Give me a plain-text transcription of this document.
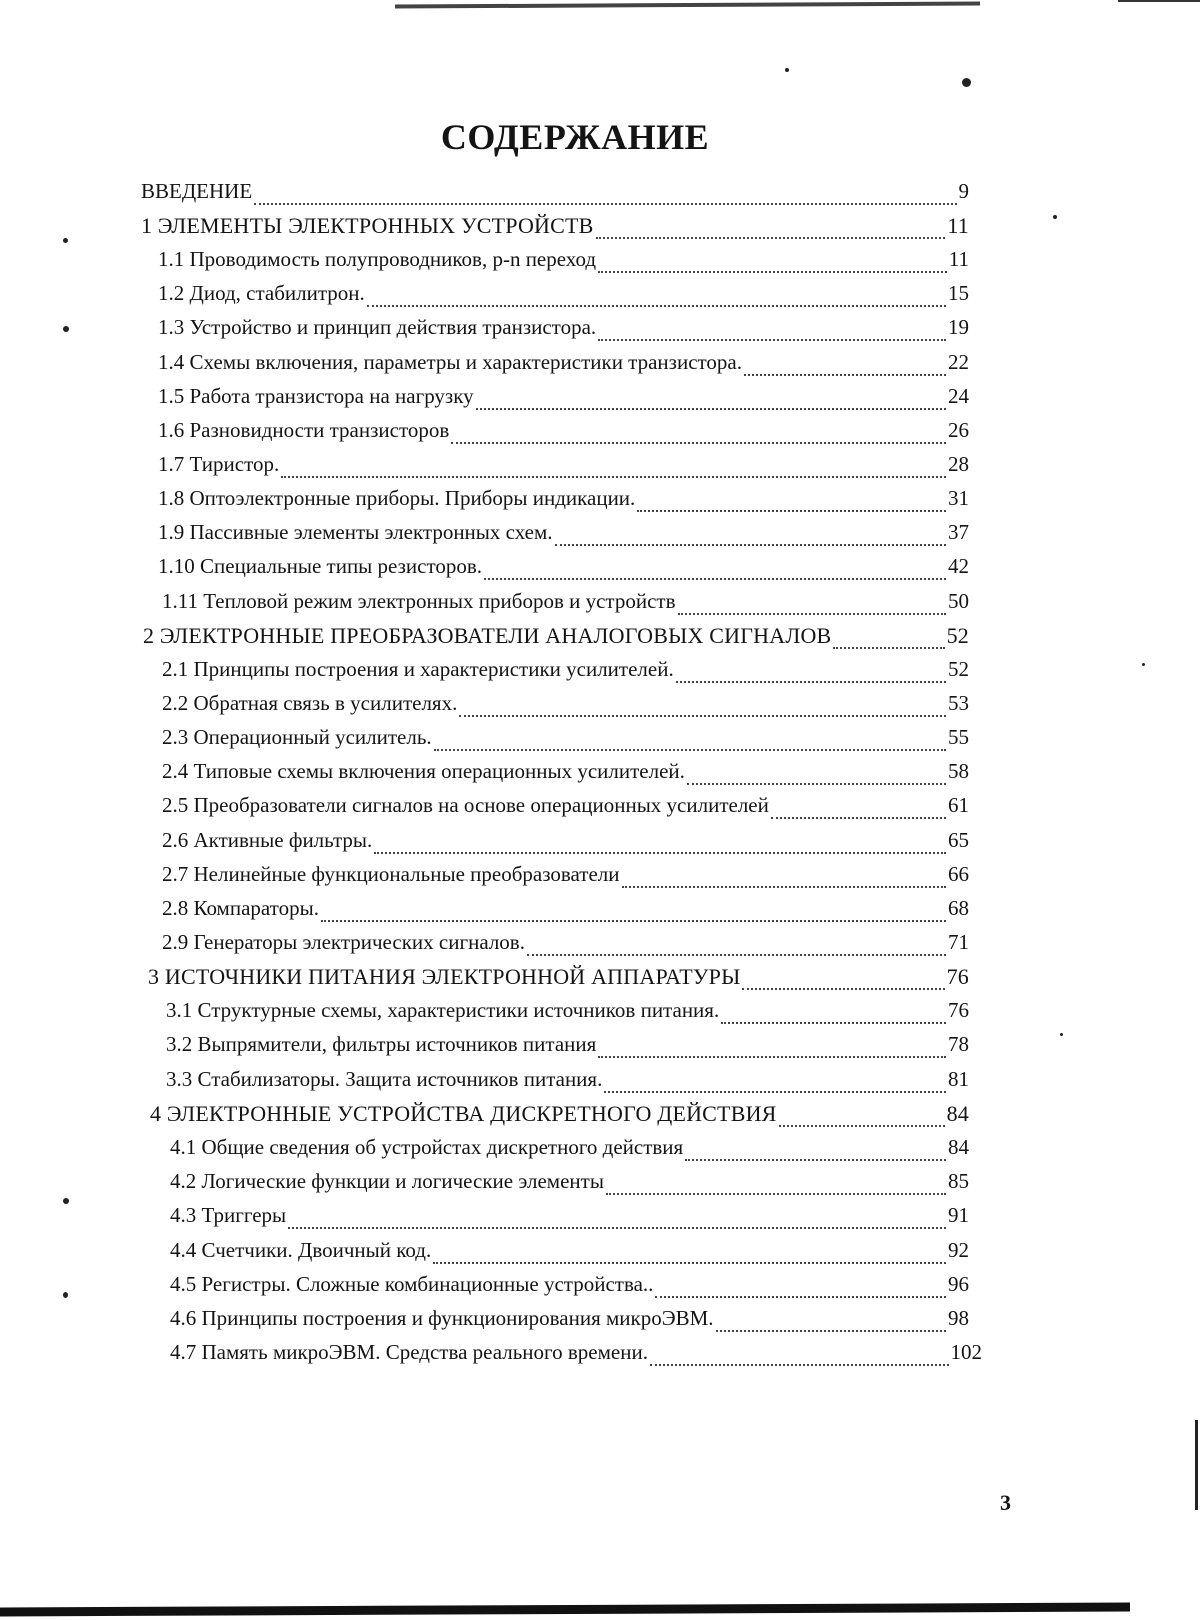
СОДЕРЖАНИЕ
ВВЕДЕНИЕ	9
1 ЭЛЕМЕНТЫ ЭЛЕКТРОННЫХ УСТРОЙСТВ	11
1.1 Проводимость полупроводников, р-n переход	11
1.2 Диод, стабилитрон.	15
1.3 Устройство и принцип действия транзистора.	19
1.4 Схемы включения, параметры и характеристики транзистора.	22
1.5 Работа транзистора на нагрузку	24
1.6 Разновидности транзисторов	26
1.7 Тиристор.	28
1.8 Оптоэлектронные приборы. Приборы индикации.	31
1.9 Пассивные элементы электронных схем.	37
1.10 Специальные типы резисторов.	42
1.11 Тепловой режим электронных приборов и устройств	50
2 ЭЛЕКТРОННЫЕ ПРЕОБРАЗОВАТЕЛИ АНАЛОГОВЫХ СИГНАЛОВ	52
2.1 Принципы построения и характеристики усилителей.	52
2.2 Обратная связь в усилителях.	53
2.3 Операционный усилитель.	55
2.4 Типовые схемы включения операционных усилителей.	58
2.5 Преобразователи сигналов на основе операционных усилителей	61
2.6 Активные фильтры.	65
2.7 Нелинейные функциональные преобразователи	66
2.8 Компараторы.	68
2.9 Генераторы электрических сигналов.	71
3 ИСТОЧНИКИ ПИТАНИЯ ЭЛЕКТРОННОЙ АППАРАТУРЫ	76
3.1 Структурные схемы, характеристики источников питания.	76
3.2 Выпрямители, фильтры источников питания	78
3.3 Стабилизаторы. Защита источников питания.	81
4 ЭЛЕКТРОННЫЕ УСТРОЙСТВА ДИСКРЕТНОГО ДЕЙСТВИЯ	84
4.1 Общие сведения об устройстах дискретного действия	84
4.2 Логические функции и логические элементы	85
4.3 Триггеры	91
4.4 Счетчики. Двоичный код.	92
4.5 Регистры. Сложные комбинационные устройства..	96
4.6 Принципы построения и функционирования микроЭВМ.	98
4.7 Память микроЭВМ. Средства реального времени.	102
3
